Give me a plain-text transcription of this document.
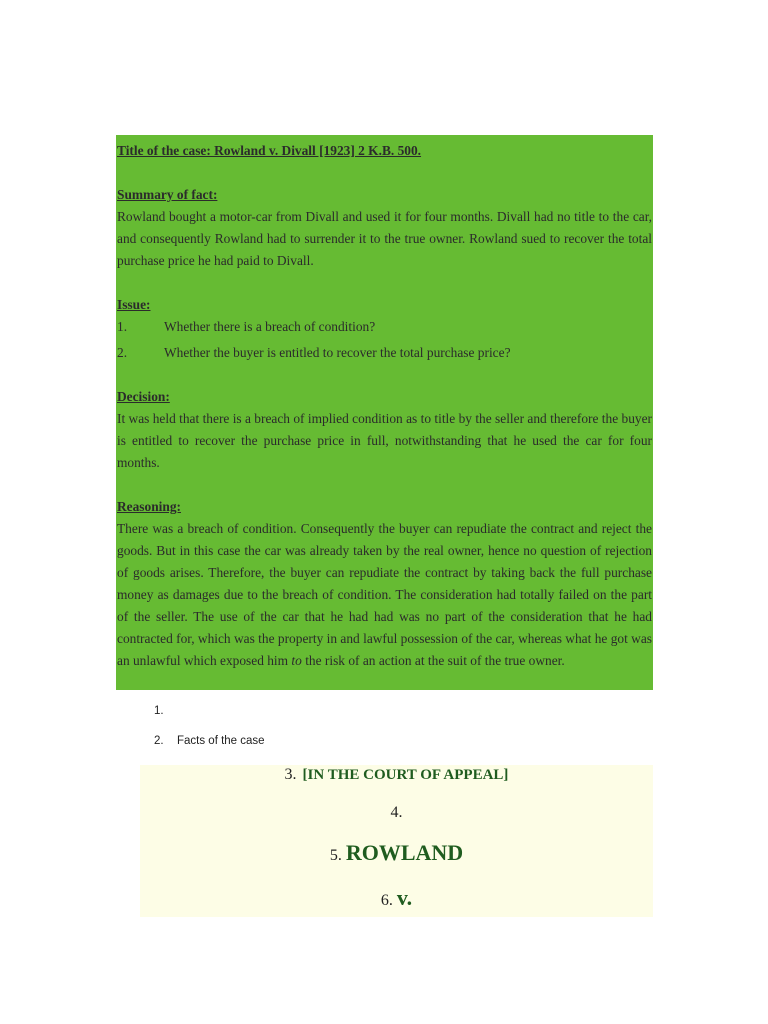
Title of the case: Rowland v. Divall [1923] 2 K.B. 500.

Summary of fact:

Rowland bought a motor-car from Divall and used it for four months. Divall had no title to the car, and consequently Rowland had to surrender it to the true owner. Rowland sued to recover the total purchase price he had paid to Divall.

Issue:

1.	Whether there is a breach of condition?
2.	Whether the buyer is entitled to recover the total purchase price?

Decision:

It was held that there is a breach of implied condition as to title by the seller and therefore the buyer is entitled to recover the purchase price in full, notwithstanding that he used the car for four months.

Reasoning:

There was a breach of condition. Consequently the buyer can repudiate the contract and reject the goods. But in this case the car was already taken by the real owner, hence no question of rejection of goods arises. Therefore, the buyer can repudiate the contract by taking back the full purchase money as damages due to the breach of condition. The consideration had totally failed on the part of the seller. The use of the car that he had had was no part of the consideration that he had contracted for, which was the property in and lawful possession of the car, whereas what he got was an unlawful which exposed him to the risk of an action at the suit of the true owner.

1.
2. Facts of the case
3. [IN THE COURT OF APPEAL]
4.
5. ROWLAND
6. v.
